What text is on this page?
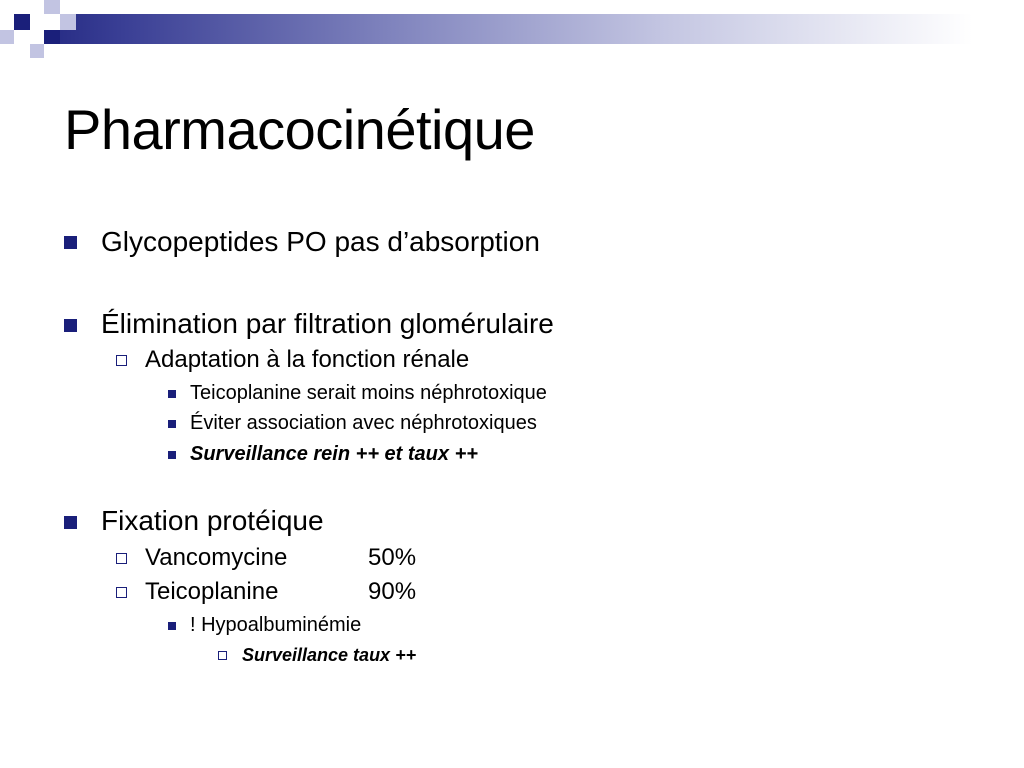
Pharmacocinétique
Glycopeptides PO pas d’absorption
Élimination par filtration glomérulaire
Adaptation à la fonction rénale
Teicoplanine serait moins néphrotoxique
Éviter association avec néphrotoxiques
Surveillance rein ++ et taux ++
Fixation protéique
Vancomycine	50%
Teicoplanine	90%
! Hypoalbuminémie
Surveillance taux ++
